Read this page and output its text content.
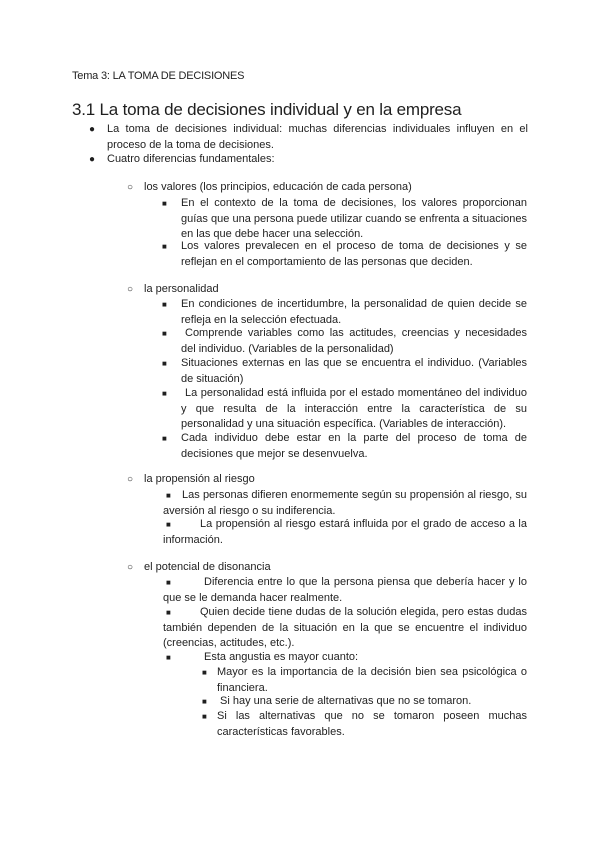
Tema 3: LA TOMA DE DECISIONES
3.1 La toma de decisiones individual y en la empresa
● La toma de decisiones individual: muchas diferencias individuales influyen en el proceso de la toma de decisiones.
● Cuatro diferencias fundamentales:
○ los valores (los principios, educación de cada persona)
■ En el contexto de la toma de decisiones, los valores proporcionan guías que una persona puede utilizar cuando se enfrenta a situaciones en las que debe hacer una selección.
■ Los valores prevalecen en el proceso de toma de decisiones y se reflejan en el comportamiento de las personas que deciden.
○ la personalidad
■ En condiciones de incertidumbre, la personalidad de quien decide se refleja en la selección efectuada.
■	Comprende variables como las actitudes, creencias y necesidades del individuo. (Variables de la personalidad)
■ Situaciones externas en las que se encuentra el individuo. (Variables de situación)
■	La personalidad está influida por el estado momentáneo del individuo y que resulta de la interacción entre la característica de su personalidad y una situación específica. (Variables de interacción).
■ Cada individuo debe estar en la parte del proceso de toma de decisiones que mejor se desenvuelva.
○ la propensión al riesgo
Las personas difieren enormemente según su propensión al riesgo, su aversión al riesgo o su indiferencia.
■
La propensión al riesgo estará influida por el grado de acceso a la información.
■
○ el potencial de disonancia
Diferencia entre lo que la persona piensa que debería hacer y lo que se le demanda hacer realmente.
■
Quien decide tiene dudas de la solución elegida, pero estas dudas también dependen de la situación en la que se encuentre el individuo (creencias, actitudes, etc.).
■
■	Esta angustia es mayor cuanto:
■ Mayor es la importancia de la decisión bien sea psicológica o financiera.
■ Si hay una serie de alternativas que no se tomaron.
■ Si las alternativas que no se tomaron poseen muchas características favorables.
